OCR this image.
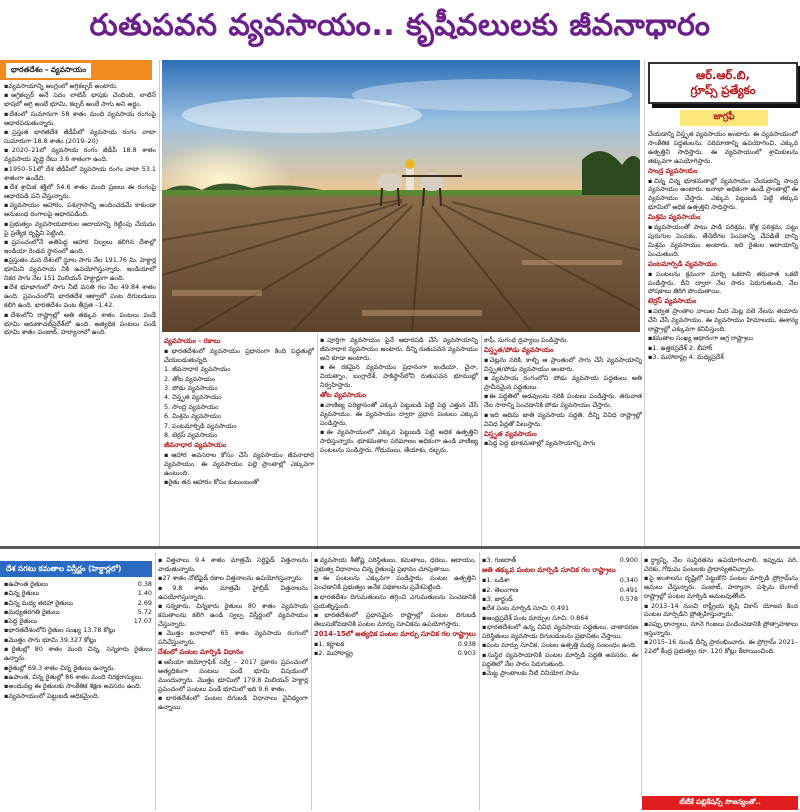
రుతుపవన వ్యవసాయం.. కృషీవలులకు జీవనాధారం
భారతదేశం - వ్యవసాయం

▪ వ్యవసాయాన్ని ఆంగ్లంలో అగ్రికల్చర్ అంటారు.

▪ అగ్రికల్చర్ అనే పదం లాటిన్ భాషకు చెందింది. లాటిన్ భాషలో అగ్రి అంటే భూమి, కల్చర్ అంటే సాగు అని అర్థం.

▪ దేశంలో సుమారుగా 58 శాతం మంది వ్యవసాయ రంగంపై ఆధారపడుతున్నారు.

▪ ప్రస్తుత భారతదేశ జీడీపీలో వ్యవసాయ రంగం వాటా సుమారుగా 18.8 శాతం (2019–20)

▪ 2020–21లో వ్యవసాయ రంగం జీడీపీ 18.8 శాతం వ్యవసాయ వృద్ధి రేటు 3.6 శాతంగా ఉంది.

▪ 1950–51లో దేశ జీడీపీలో వ్యవసాయ రంగం వాటా 53.1 శాతంగా ఉండేది.

▪ దేశ శ్రామిక శక్తిలో 54.6 శాతం మంది ప్రజలు ఈ రంగంపై ఆధారపడి పని చేస్తున్నారు.

▪ వ్యవసాయం ఆహారం, పశుగ్రాసాన్ని అందించడమే కాకుండా అనుబంధ రంగాలపై ఆధారపడింది.

▪ ప్రభుత్వం వ్యవసాయదారుల ఆదాయాన్ని రెట్టింపు చేయడం పై ప్రత్యేక దృష్టిని పెట్టింది.

▪ ప్రపంచంలోనే అతిపెద్ద ఆహార నిల్వలు కలిగిన దేశాల్లో ఇండియా రెండవ స్థానంలో ఉంది.

▪ ప్రస్తుతం మన దేశంలో స్థూల సాగు నేల 191.76 మి. హెక్టార్ల భూమిని వ్యవసాయ నికి ఉపయోగిస్తున్నారు. ఇండియాలో నికర సాగు నేల 151 మిలియన్ హెక్టార్లుగా ఉంది.

▪ దేశ భూభాగంలో సాగు నీటి వసతి గల నేల 49.84 శాతం ఉంది. ప్రపంచంలోని భారతదేశ ఆక్వాలో పంట దిగుబడులు కలిగి ఉంది. భారతదేశం పంట తీవ్రత –1.42.

▪ దేశంలోని రాష్ట్రాల్లో అతి తక్కువ శాతం పంటలు పండే భూమి అరుణాచల్‌ప్రదేశ్‌లో ఉంది. అత్యధిక పంటలు పండే భూమి శాతం పంజాబ్, హర్యానాలో ఉంది.

ఆర్.ఆర్.బి,
గ్రూప్స్ ప్రత్యేకం
జాగ్రఫీ

చేయడాన్ని విస్తృత వ్యవసాయం అంటారు. ఈ వ్యవసాయంలో సాంకేతిక పద్ధతులను, పరిమాణాన్ని ఉపయోగించి, ఎక్కువ ఉత్పత్తిని సాధిస్తారు. ఈ వ్యవసాయంలో శ్రామికులను తక్కువగా ఉపయోగిస్తారు.

సాంద్ర వ్యవసాయం

▪ చిన్న చిన్న భూకమతాల్లో వ్యవసాయం చేయడాన్ని సాంద్ర వ్యవసాయం అంటారు. జనాభా అధికంగా ఉండే ప్రాంతాల్లో ఈ వ్యవసాయం చేస్తారు. ఎక్కువ పెట్టుబడి పెట్టి తక్కువ భూమిలో అధిక ఉత్పత్తిని సాధిస్తారు.

మిశ్రమ వ్యవసాయం

▪ వ్యవసాయంతో పాటు పాడి పరిశ్రమ, కోళ్ల పరిశ్రమ, పట్టు పురుగుల పెంపకం, తేనెటీగల పెంపకాన్ని చేపడితే దాన్ని మిశ్రమ వ్యవసాయం అంటారు. ఇది రైతుల ఆదాయాన్ని పెంచుతుంది.

పంటమార్పిడి వ్యవసాయం

▪ పంటలను క్రమంగా మార్చి ఒకదాని తరువాత ఒకటి పండిస్తారు. దీని ద్వారా నేల సారం పెరుగుతుంది. నేల పోషకాలు తిరిగి పొందుతాయి.

టెర్రస్ వ్యవసాయం

▪ పర్వత ప్రాంతాల వాలుల మీద మెట్ల వలె నేలను తయారు చేసి చేసే వ్యవసాయం. ఈ వ్యవసాయం హిమాలయ, ఈశాన్య రాష్ట్రాల్లో ఎక్కువగా కనిపిస్తుంది.

▪ కమతాల సంఖ్య ఆధారంగా అగ్ర రాష్ట్రాలు

▪ 1. ఉత్తరప్రదేశ్ 2. బీహార్

▪ 3. మహారాష్ట్ర 4. మధ్యప్రదేశ్

వ్యవసాయం - రకాలు

▪ భారతదేశంలో వ్యవసాయం ప్రధానంగా కింది పద్ధతుల్లో చేయబడుతున్నది.

1. జీవనాధార వ్యవసాయం

2. తోట వ్యవసాయం

3. పోడు వ్యవసాయం

4. విస్తృత వ్యవసాయం

5. సాంద్ర వ్యవసాయం

6. మిశ్రమ వ్యవసాయం

7. పంటమార్పిడి వ్యవసాయం

8. టెర్రస్ వ్యవసాయం

జీవనాధార వ్యవసాయం

▪ ఆహార అవసరాల కోసం చేసే వ్యవసాయం జీవనాధార వ్యవసాయం. ఈ వ్యవసాయం పల్లె ప్రాంతాల్లో ఎక్కువగా ఉంటుంది.

▪ రైతు తన ఆహారం కోసం కుటుంబంతో

▪ పూర్తిగా వ్యవసాయం పైనే ఆధారపడి చేసే వ్యవసాయాన్ని జీవనాధార వ్యవసాయం అంటారు. దీన్ని రుతుపవన వ్యవసాయం అని కూడా అంటారు.

▪ ఈ రకమైన వ్యవసాయం ప్రధానంగా ఇండియా, చైనా, వియత్నాం, బంగ్లాదేశ్, పాకిస్థాన్‌లోని రుతుపవన భూముల్లో నిర్వహిస్తారు.

తోట వ్యవసాయం

▪ వాణిజ్య పరిజ్ఞానంతో ఎక్కువ పెట్టుబడి పెట్టి పెద్ద ఎత్తున చేసే వ్యవసాయం. ఈ వ్యవసాయం ద్వారా ప్రధాన పంటలు ఎక్కువ పండిస్తారు.

▪ ఈ వ్యవసాయంలో ఎక్కువ పెట్టుబడి పెట్టి అధిక ఉత్పత్తిని సాధిస్తున్నారు. భూకమతాల పరిమాణం అధికంగా ఉండి వాణిజ్య పంటలను పండిస్తారు. గోధుమలు, తేయాకు, రబ్బరు,

కాఫీ, సుగంధ ద్రవ్యాలు పండిస్తారు.

విస్తృత/పోడు వ్యవసాయం

▪ చెట్లను నరికి, కాల్చి ఆ ప్రాంతంలో సాగు చేసే వ్యవసాయాన్ని విస్తృత/పోడు వ్యవసాయం అంటారు.

▪ వ్యవసాయ రంగంలోని పోడు వ్యవసాయ పద్ధతులు అతి ప్రాచీనమైన పద్ధతులు.

▪ ఈ పద్ధతిలో అడవులను నరికి పంటలు పండిస్తారు. తరువాత నేల సారాన్ని పెంచడానికి పోడు వ్యవసాయం చేస్తారు.

▪ ఇది ఆదిమ జాతి వ్యవసాయ పద్ధతి. దీన్ని వివిధ రాష్ట్రాల్లో వివిధ పేర్లతో పిలుస్తారు.

విస్తృత వ్యవసాయం

▪ పెద్ద పెద్ద భూకమతాల్లో వ్యవసాయాన్ని సాగు

దేశ సగటు కమతాల విస్తీర్ణం (హెక్టార్లలో)
▪ ఉపాంత రైతులు	0.38
▪ చిన్న రైతులు	1.40
▪ చిన్న మధ్య తరహా రైతులు	2.69
▪ మధ్యతరగతి రైతులు	5.72
▪ పెద్ద రైతులు	17.07

▪ భారతదేశంలోని రైతుల సంఖ్య 13.78 కోట్లు

▪ మొత్తం సాగు భూమి 39.327 కోట్లు

▪ రైతుల్లో 80 శాతం మంది చిన్న, సన్నకారు రైతులు ఉన్నారు.

▪ రైతుల్లో 69.3 శాతం చిన్న రైతులు ఉన్నారు.

▪ ఉపాంత, చిన్న రైతుల్లో 86 శాతం మంది నిరక్షరాస్యులు.

▪ అందువల్ల ఈ రైతులకు సాంకేతిక శిక్షణ అవసరం ఉంది.

▪ వ్యవసాయంలో పెట్టుబడి అధికమైంది.

▪ విత్తనాలు 9.4 శాతం మాత్రమే సర్టిఫైడ్ విత్తనాలను వాడుతున్నారు.

▪ 27 శాతం నోటిఫైడ్ రకాల విత్తనాలను ఉపయోగిస్తున్నారు.

▪ 9.8 శాతం మాత్రమే హైబ్రిడ్ విత్తనాలను ఉపయోగిస్తున్నారు.

▪ సన్నకారు, చిన్నకారు రైతులు 80 శాతం వ్యవసాయ కమతాలను కలిగి ఉండి స్వల్ప విస్తీర్ణంలో వ్యవసాయం చేస్తున్నారు.

▪ మొత్తం జనాభాలో 65 శాతం వ్యవసాయ రంగంలో పనిచేస్తున్నారు.

దేశంలో పంటల మార్పిడి విధానం

▪ ఆసియా జియోగ్రాఫిక్ సర్వే – 2017 ప్రకారం ప్రపంచంలో అత్యధికంగా పంటలు పండే భూమి విషయంలో ముందున్నారు. మొత్తం భూమిలో 179.8 మిలియన్ హెక్టార్ల ప్రపంచంలో పంటలు పండే భూమిలో ఇది 9.6 శాతం.

▪ భారతదేశంలో పంటల దిగుబడి విధానాలు వైవిధ్యంగా ఉన్నాయి.

▪ వ్యవసాయ శీతోష్ణ పరిస్థితులు, కమతాలు, ధరలు, ఆదాయం, ప్రభుత్వ విధానాలు చిన్న రైతులపై ప్రభావం చూపుతాయి.

▪ ఈ పంటలను ఎక్కువగా పండిస్తారు. పంటల ఉత్పత్తిని పెంచడానికి ప్రభుత్వం అనేక పథకాలను ప్రవేశపెట్టింది.

▪ భారతదేశం దిగుమతులను తగ్గించి ఎగుమతులను పెంచడానికి ప్రయత్నిస్తుంది.

▪ భారతదేశంలో ప్రధానమైన రాష్ట్రాల్లో పంటల దిగుబడి తెలుసుకోవడానికి పంటల మార్పు సూచికను ఉపయోగిస్తారు.

2014–15లో అత్యధిక పంటల మార్పు సూచిక గల రాష్ట్రాలు
▪ 1. కర్ణాటక	0.938
▪ 2. మహారాష్ట్ర	0.903
▪ 3. గుజరాత్	0.900
అతి తక్కువ పంటల మార్పిడి సూచిక గల రాష్ట్రాలు
▪ 1. ఒడిశా	0.340
▪ 2. తెలంగాణ	0.491
▪ 3. జార్ఖండ్	0.578

▪ దేశ పంట మార్పిడి సూచి: 0.491

▪ ఆంధ్రప్రదేశ్ పంట మార్పుల సూచి: 0.864

▪ భారతదేశంలో ఉన్న వివిధ వ్యవసాయ పద్ధతులు, వాతావరణ పరిస్థితులు వ్యవసాయ దిగుబడులను ప్రభావితం చేస్తాయి.

▪ పంట మార్పు సూచిక, పంటల ఉత్పత్తి మధ్య సంబంధం ఉంది.

▪ సుస్థిర వ్యవసాయానికి పంటల మార్పిడి పద్ధతి అవసరం. ఈ పద్ధతిలో నేల సారం పెరుగుతుంది.

▪ మెట్ట ప్రాంతాలకు నీటి వినియోగ సామ

▪ ర్థ్యాన్ని, నేల సుస్థిరతను ఉపయోగించాలి. ఇప్పుడు వరి, చెరకు, గోధుమ పంటలకు ప్రాధాన్యతనిచ్చారు.

▪ పై అంశాలను దృష్టిలో పెట్టుకొని పంటల మార్పిడి ప్రోగ్రామ్‌ను అమలు చేస్తున్నారు. పంజాబ్, హర్యానా, పశ్చిమ బెంగాల్ రాష్ట్రాల్లో పంటల మార్పిడి అమలవుతోంది.

▪ 2013–14 నుంచి రాష్ట్రీయ కృషి వికాస్ యోజన కింద పంటల మార్పిడిని ప్రోత్సహిస్తున్నారు.

▪ పప్పు ధాన్యాలు, నూనె గింజలు పండించడానికి ప్రోత్సాహకాలు ఇస్తున్నారు.

▪ 2015–16 నుండి దీన్ని ప్రారంభించారు. ఈ ప్రోగ్రామ్ 2021–22లో కేంద్ర ప్రభుత్వం రూ. 120 కోట్లు కేటాయించింది.

టీటీకే పబ్లికేషన్స్ సౌజన్యంతో..
